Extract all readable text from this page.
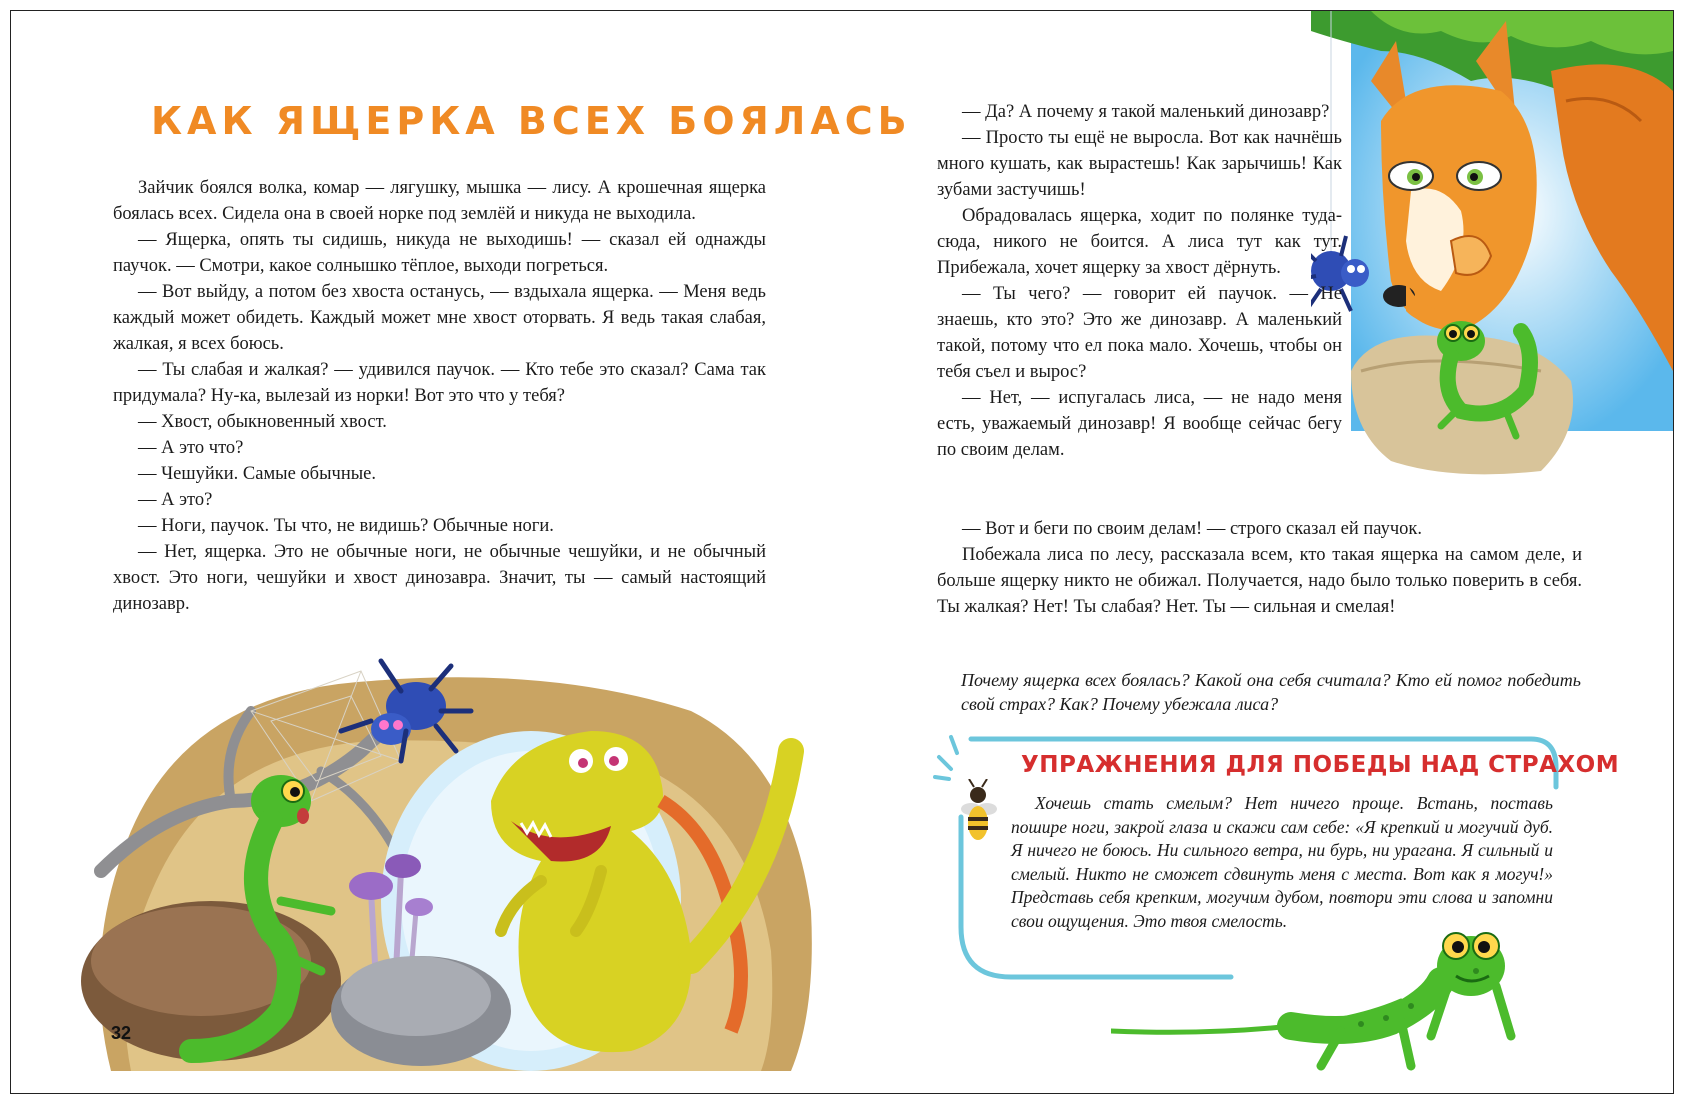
КАК ЯЩЕРКА ВСЕХ БОЯЛАСЬ

Зайчик боялся волка, комар — лягушку, мышка — лису. А крошечная ящерка боялась всех. Сидела она в своей норке под землёй и никуда не выходила.

— Ящерка, опять ты сидишь, никуда не выходишь! — сказал ей однажды паучок. — Смотри, какое солнышко тёплое, выходи погреться.

— Вот выйду, а потом без хвоста останусь, — вздыхала ящерка. — Меня ведь каждый может обидеть. Каждый может мне хвост оторвать. Я ведь такая слабая, жалкая, я всех боюсь.

— Ты слабая и жалкая? — удивился паучок. — Кто тебе это сказал? Сама так придумала? Ну-ка, вылезай из норки! Вот это что у тебя?

— Хвост, обыкновенный хвост.

— А это что?

— Чешуйки. Самые обычные.

— А это?

— Ноги, паучок. Ты что, не видишь? Обычные ноги.

— Нет, ящерка. Это не обычные ноги, не обычные чешуйки, и не обычный хвост. Это ноги, чешуйки и хвост динозавра. Значит, ты — самый настоящий динозавр.

32

— Да? А почему я такой маленький динозавр?

— Просто ты ещё не выросла. Вот как начнёшь много кушать, как вырастешь! Как зарычишь! Как зубами застучишь!

Обрадовалась ящерка, ходит по полянке туда-сюда, никого не боится. А лиса тут как тут. Прибежала, хочет ящерку за хвост дёрнуть.

— Ты чего? — говорит ей паучок. — Не знаешь, кто это? Это же динозавр. А маленький такой, потому что ел пока мало. Хочешь, чтобы он тебя съел и вырос?

— Нет, — испугалась лиса, — не надо меня есть, уважаемый динозавр! Я вообще сейчас бегу по своим делам.

— Вот и беги по своим делам! — строго сказал ей паучок.

Побежала лиса по лесу, рассказала всем, кто такая ящерка на самом деле, и больше ящерку никто не обижал. Получается, надо было только поверить в себя. Ты жалкая? Нет! Ты слабая? Нет. Ты — сильная и смелая!

Почему ящерка всех боялась? Какой она себя считала? Кто ей помог победить свой страх? Как? Почему убежала лиса?

УПРАЖНЕНИЯ ДЛЯ ПОБЕДЫ НАД СТРАХОМ

Хочешь стать смелым? Нет ничего проще. Встань, поставь пошире ноги, закрой глаза и скажи сам себе: «Я крепкий и могучий дуб. Я ничего не боюсь. Ни сильного ветра, ни бурь, ни урагана. Я сильный и смелый. Никто не сможет сдвинуть меня с места. Вот как я могуч!» Представь себя крепким, могучим дубом, повтори эти слова и запомни свои ощущения. Это твоя смелость.
